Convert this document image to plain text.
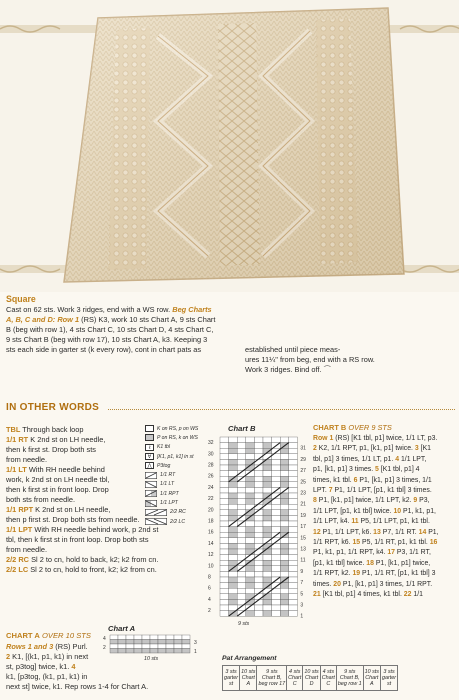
Square

Cast on 62 sts. Work 3 ridges, end with a WS row. Beg Charts

A, B, C and D: Row 1 (RS) K3, work 10 sts Chart A, 9 sts Chart

B (beg with row 1), 4 sts Chart C, 10 sts Chart D, 4 sts Chart C,

9 sts Chart B (beg with row 17), 10 sts Chart A, k3. Keeping 3

sts each side in garter st (k every row), cont in chart pats as	established until piece meas-

ures 11¼" from beg, end with a RS row.

Work 3 ridges. Bind off. ⌒

IN OTHER WORDS

TBL Through back loop

1/1 RT K 2nd st on LH needle,

then k first st. Drop both sts

from needle.

1/1 LT With RH needle behind

work, k 2nd st on LH needle tbl,

then k first st in front loop. Drop

both sts from needle.

1/1 RPT K 2nd st on LH needle,

then p first st. Drop both sts from needle.

1/1 LPT With RH needle behind work, p 2nd st

tbl, then k first st in front loop. Drop both sts

from needle.

2/2 RC Sl 2 to cn, hold to back, k2; k2 from cn.

2/2 LC Sl 2 to cn, hold to front, k2; k2 from cn.

K on RS, p on WS
P on RS, k on WS
ℓ	K1 tbl
∀	[K1, p1, k1] in st
⋀	P3tog
1/1 RT
1/1 LT
1/1 RPT
1/1 LPT
2/2 RC
2/2 LC
Chart B
32
30
28
26
24
22
20
18
16
14
12
10
8
6
4
2
31
29
27
25
23
21
19
17
15
13
11
9
7
5
3
1
9 sts
CHART A OVER 10 STS
Chart A
4
2
3
1
10 sts

Rows 1 and 3 (RS) Purl.

2 K1, [(k1, p1, k1) in next

st, p3tog] twice, k1. 4

k1, [p3tog, (k1, p1, k1) in

next st] twice, k1. Rep rows 1-4 for Chart A.

CHART B OVER 9 STS

Row 1 (RS) [K1 tbl, p1] twice, 1/1 LT, p3.

2 K2, 1/1 RPT, p1, [k1, p1] twice. 3 [K1

tbl, p1] 3 times, 1/1 LT, p1. 4 1/1 LPT,

p1, [k1, p1] 3 times. 5 [K1 tbl, p1] 4

times, k1 tbl. 6 P1, [k1, p1] 3 times, 1/1

LPT. 7 P1, 1/1 LPT, [p1, k1 tbl] 3 times.

8 P1, [k1, p1] twice, 1/1 LPT, k2. 9 P3,

1/1 LPT, [p1, k1 tbl] twice. 10 P1, k1, p1,

1/1 LPT, k4. 11 P5, 1/1 LPT, p1, k1 tbl.

12 P1, 1/1 LPT, k6. 13 P7, 1/1 RT. 14 P1,

1/1 RPT, k6. 15 P5, 1/1 RT, p1, k1 tbl. 16

P1, k1, p1, 1/1 RPT, k4. 17 P3, 1/1 RT,

[p1, k1 tbl] twice. 18 P1, [k1, p1] twice,

1/1 RPT, k2. 19 P1, 1/1 RT, [p1, k1 tbl] 3

times. 20 P1, [k1, p1] 3 times, 1/1 RPT.

21 [K1 tbl, p1] 4 times, k1 tbl. 22 1/1

Pat Arrangement
3 sts
garter
st

10 sts
Chart
A

9 sts
Chart B,
beg row 17

4 sts
Chart
C

10 sts
Chart
D

4 sts
Chart
C

9 sts
Chart B,
beg row 1

10 sts
Chart
A

3 sts
garter
st
